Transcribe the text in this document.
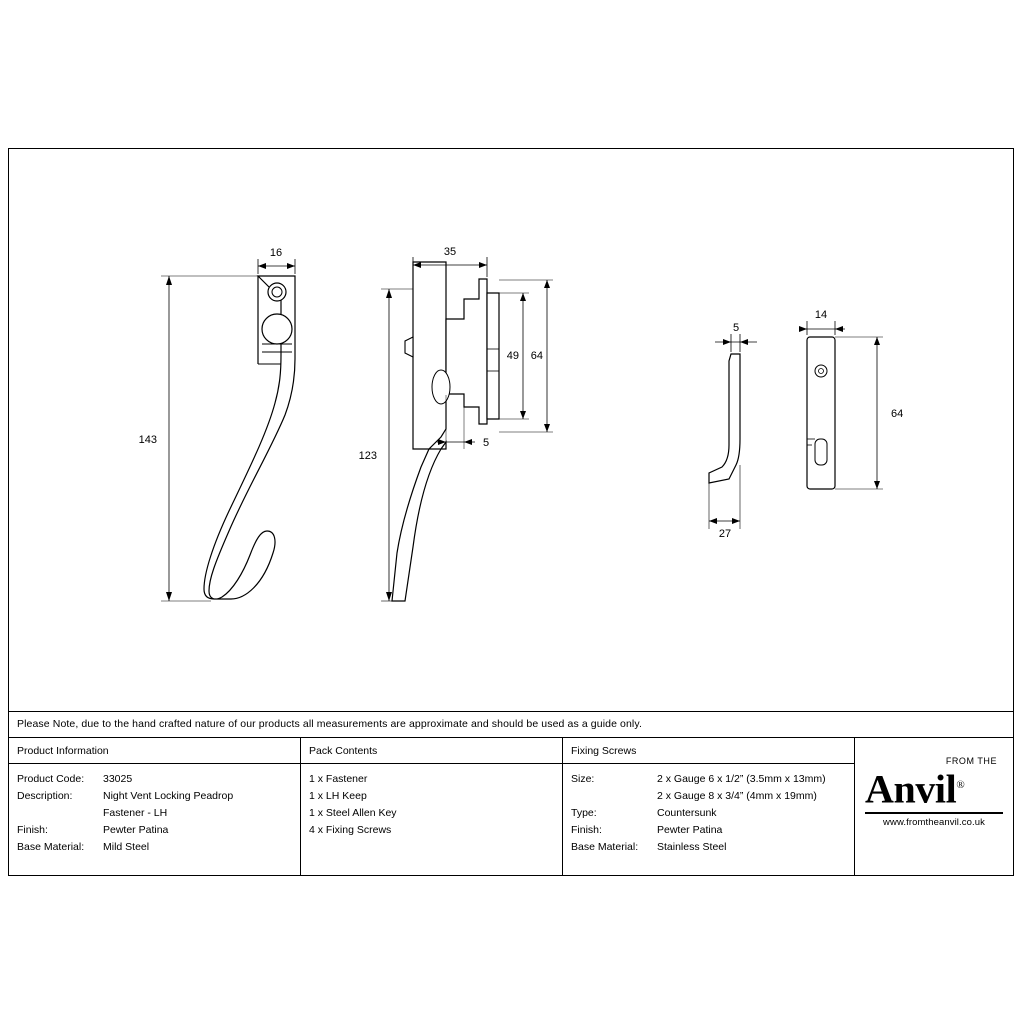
16
143
35
123
5
49 64
5
27
14
64
Please Note, due to the hand crafted nature of our products all measurements are approximate and should be used as a guide only.
Product Information
Product Code:	33025
Description:	Night Vent Locking Peadrop
Fastener - LH
Finish:	Pewter Patina
Base Material:	Mild Steel
Pack Contents
1 x Fastener
1 x LH Keep
1 x Steel Allen Key
4 x Fixing Screws
Fixing Screws
Size:	2 x Gauge 6 x 1/2” (3.5mm x 13mm)
2 x Gauge 8 x 3/4” (4mm x 19mm)
Type:	Countersunk
Finish:	Pewter Patina
Base Material:	Stainless Steel
FROM THE
Anvil®
www.fromtheanvil.co.uk
